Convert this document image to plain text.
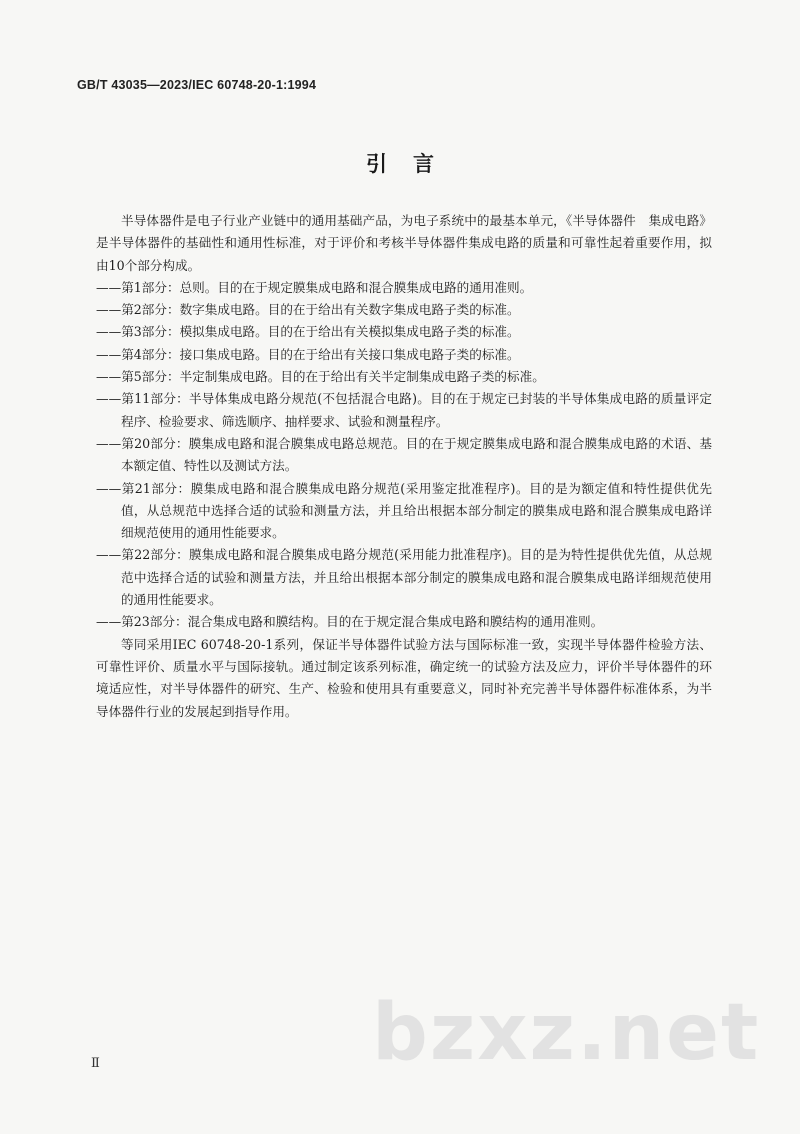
GB/T 43035—2023/IEC 60748-20-1:1994
引言

半导体器件是电子行业产业链中的通用基础产品，为电子系统中的最基本单元，《半导体器件　集成电路》是半导体器件的基础性和通用性标准，对于评价和考核半导体器件集成电路的质量和可靠性起着重要作用，拟由10个部分构成。

——第1部分：总则。目的在于规定膜集成电路和混合膜集成电路的通用准则。

——第2部分：数字集成电路。目的在于给出有关数字集成电路子类的标准。

——第3部分：模拟集成电路。目的在于给出有关模拟集成电路子类的标准。

——第4部分：接口集成电路。目的在于给出有关接口集成电路子类的标准。

——第5部分：半定制集成电路。目的在于给出有关半定制集成电路子类的标准。

——第11部分：半导体集成电路分规范(不包括混合电路)。目的在于规定已封装的半导体集成电路的质量评定程序、检验要求、筛选顺序、抽样要求、试验和测量程序。

——第20部分：膜集成电路和混合膜集成电路总规范。目的在于规定膜集成电路和混合膜集成电路的术语、基本额定值、特性以及测试方法。

——第21部分：膜集成电路和混合膜集成电路分规范(采用鉴定批准程序)。目的是为额定值和特性提供优先值，从总规范中选择合适的试验和测量方法，并且给出根据本部分制定的膜集成电路和混合膜集成电路详细规范使用的通用性能要求。

——第22部分：膜集成电路和混合膜集成电路分规范(采用能力批准程序)。目的是为特性提供优先值，从总规范中选择合适的试验和测量方法，并且给出根据本部分制定的膜集成电路和混合膜集成电路详细规范使用的通用性能要求。

——第23部分：混合集成电路和膜结构。目的在于规定混合集成电路和膜结构的通用准则。

等同采用IEC 60748-20-1系列，保证半导体器件试验方法与国际标准一致，实现半导体器件检验方法、可靠性评价、质量水平与国际接轨。通过制定该系列标准，确定统一的试验方法及应力，评价半导体器件的环境适应性，对半导体器件的研究、生产、检验和使用具有重要意义，同时补充完善半导体器件标准体系，为半导体器件行业的发展起到指导作用。

bzxz.net
Ⅱ
